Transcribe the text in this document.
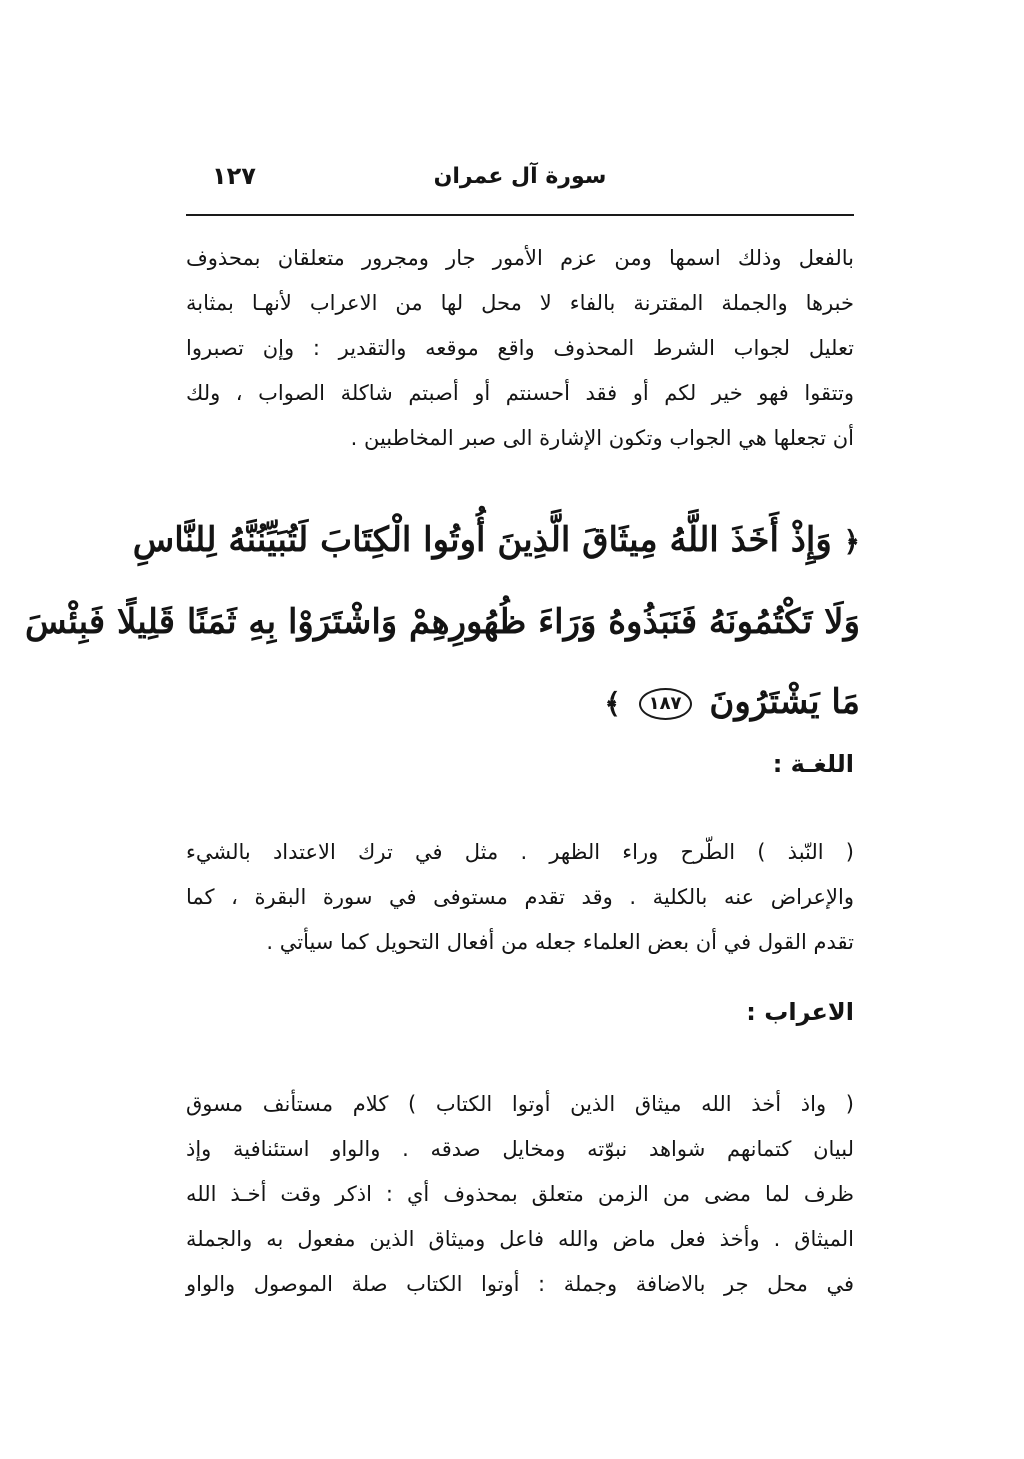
سورة آل عمران
١٢٧
بالفعل وذلك اسمها ومن عزم الأمور جار ومجرور متعلقان بمحذوف
خبرها والجملة المقترنة بالفاء لا محل لها من الاعراب لأنهـا بمثابة
تعليل لجواب الشرط المحذوف واقع موقعه والتقدير : وإن تصبروا
وتتقوا فهو خير لكم أو فقد أحسنتم أو أصبتم شاكلة الصواب ، ولك
أن تجعلها هي الجواب وتكون الإشارة الى صبر المخاطبين .
﴿ وَإِذْ أَخَذَ اللَّهُ مِيثَاقَ الَّذِينَ أُوتُوا الْكِتَابَ لَتُبَيِّنُنَّهُ لِلنَّاسِ
وَلَا تَكْتُمُونَهُ فَنَبَذُوهُ وَرَاءَ ظُهُورِهِمْ وَاشْتَرَوْا بِهِ ثَمَنًا قَلِيلًا فَبِئْسَ
مَا يَشْتَرُونَ ١٨٧ ﴾
اللغـة :
( النّبذ ) الطّرح وراء الظهر . مثل في ترك الاعتداد بالشيء
والإعراض عنه بالكلية . وقد تقدم مستوفى في سورة البقرة ، كما
تقدم القول في أن بعض العلماء جعله من أفعال التحويل كما سيأتي .
الاعراب :
( واذ أخذ الله ميثاق الذين أوتوا الكتاب ) كلام مستأنف مسوق
لبيان كتمانهم شواهد نبوّته ومخايل صدقه . والواو استئنافية وإذ
ظرف لما مضى من الزمن متعلق بمحذوف أي : اذكر وقت أخـذ الله
الميثاق . وأخذ فعل ماض والله فاعل وميثاق الذين مفعول به والجملة
في محل جر بالاضافة وجملة : أوتوا الكتاب صلة الموصول والواو
